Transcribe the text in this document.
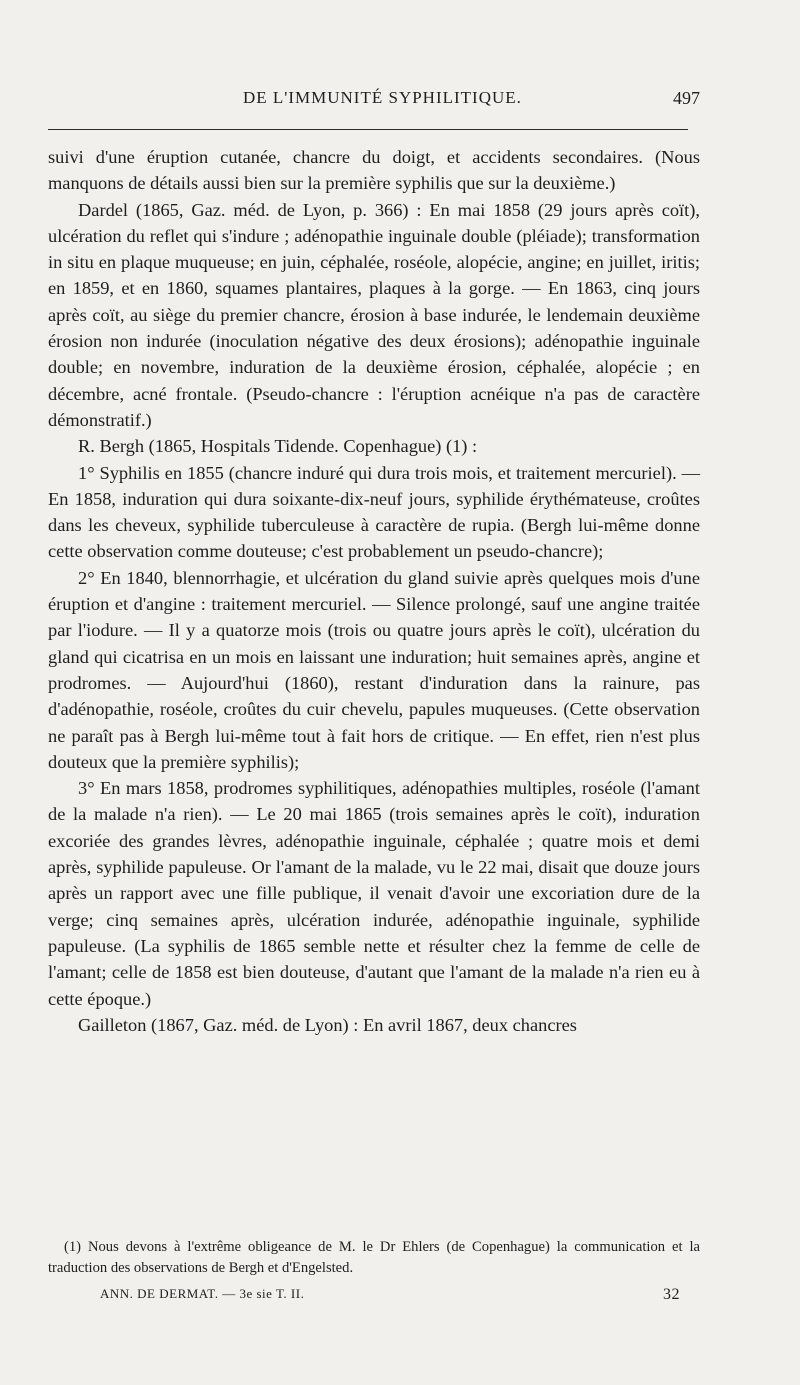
DE L'IMMUNITÉ SYPHILITIQUE.	497

suivi d'une éruption cutanée, chancre du doigt, et accidents secondaires. (Nous manquons de détails aussi bien sur la première syphilis que sur la deuxième.)

Dardel (1865, Gaz. méd. de Lyon, p. 366) : En mai 1858 (29 jours après coït), ulcération du reflet qui s'indure ; adénopathie inguinale double (pléiade); transformation in situ en plaque muqueuse; en juin, céphalée, roséole, alopécie, angine; en juillet, iritis; en 1859, et en 1860, squames plantaires, plaques à la gorge. — En 1863, cinq jours après coït, au siège du premier chancre, érosion à base indurée, le lendemain deuxième érosion non indurée (inoculation négative des deux érosions); adénopathie inguinale double; en novembre, induration de la deuxième érosion, céphalée, alopécie ; en décembre, acné frontale. (Pseudo-chancre : l'éruption acnéique n'a pas de caractère démonstratif.)

R. Bergh (1865, Hospitals Tidende. Copenhague) (1) :

1° Syphilis en 1855 (chancre induré qui dura trois mois, et traitement mercuriel). — En 1858, induration qui dura soixante-dix-neuf jours, syphilide érythémateuse, croûtes dans les cheveux, syphilide tuberculeuse à caractère de rupia. (Bergh lui-même donne cette observation comme douteuse; c'est probablement un pseudo-chancre);

2° En 1840, blennorrhagie, et ulcération du gland suivie après quelques mois d'une éruption et d'angine : traitement mercuriel. — Silence prolongé, sauf une angine traitée par l'iodure. — Il y a quatorze mois (trois ou quatre jours après le coït), ulcération du gland qui cicatrisa en un mois en laissant une induration; huit semaines après, angine et prodromes. — Aujourd'hui (1860), restant d'induration dans la rainure, pas d'adénopathie, roséole, croûtes du cuir chevelu, papules muqueuses. (Cette observation ne paraît pas à Bergh lui-même tout à fait hors de critique. — En effet, rien n'est plus douteux que la première syphilis);

3° En mars 1858, prodromes syphilitiques, adénopathies multiples, roséole (l'amant de la malade n'a rien). — Le 20 mai 1865 (trois semaines après le coït), induration excoriée des grandes lèvres, adénopathie inguinale, céphalée ; quatre mois et demi après, syphilide papuleuse. Or l'amant de la malade, vu le 22 mai, disait que douze jours après un rapport avec une fille publique, il venait d'avoir une excoriation dure de la verge; cinq semaines après, ulcération indurée, adénopathie inguinale, syphilide papuleuse. (La syphilis de 1865 semble nette et résulter chez la femme de celle de l'amant; celle de 1858 est bien douteuse, d'autant que l'amant de la malade n'a rien eu à cette époque.)

Gailleton (1867, Gaz. méd. de Lyon) : En avril 1867, deux chancres

(1) Nous devons à l'extrême obligeance de M. le Dr Ehlers (de Copenhague) la communication et la traduction des observations de Bergh et d'Engelsted.

ANN. DE DERMAT. — 3e sie T. II.	32
